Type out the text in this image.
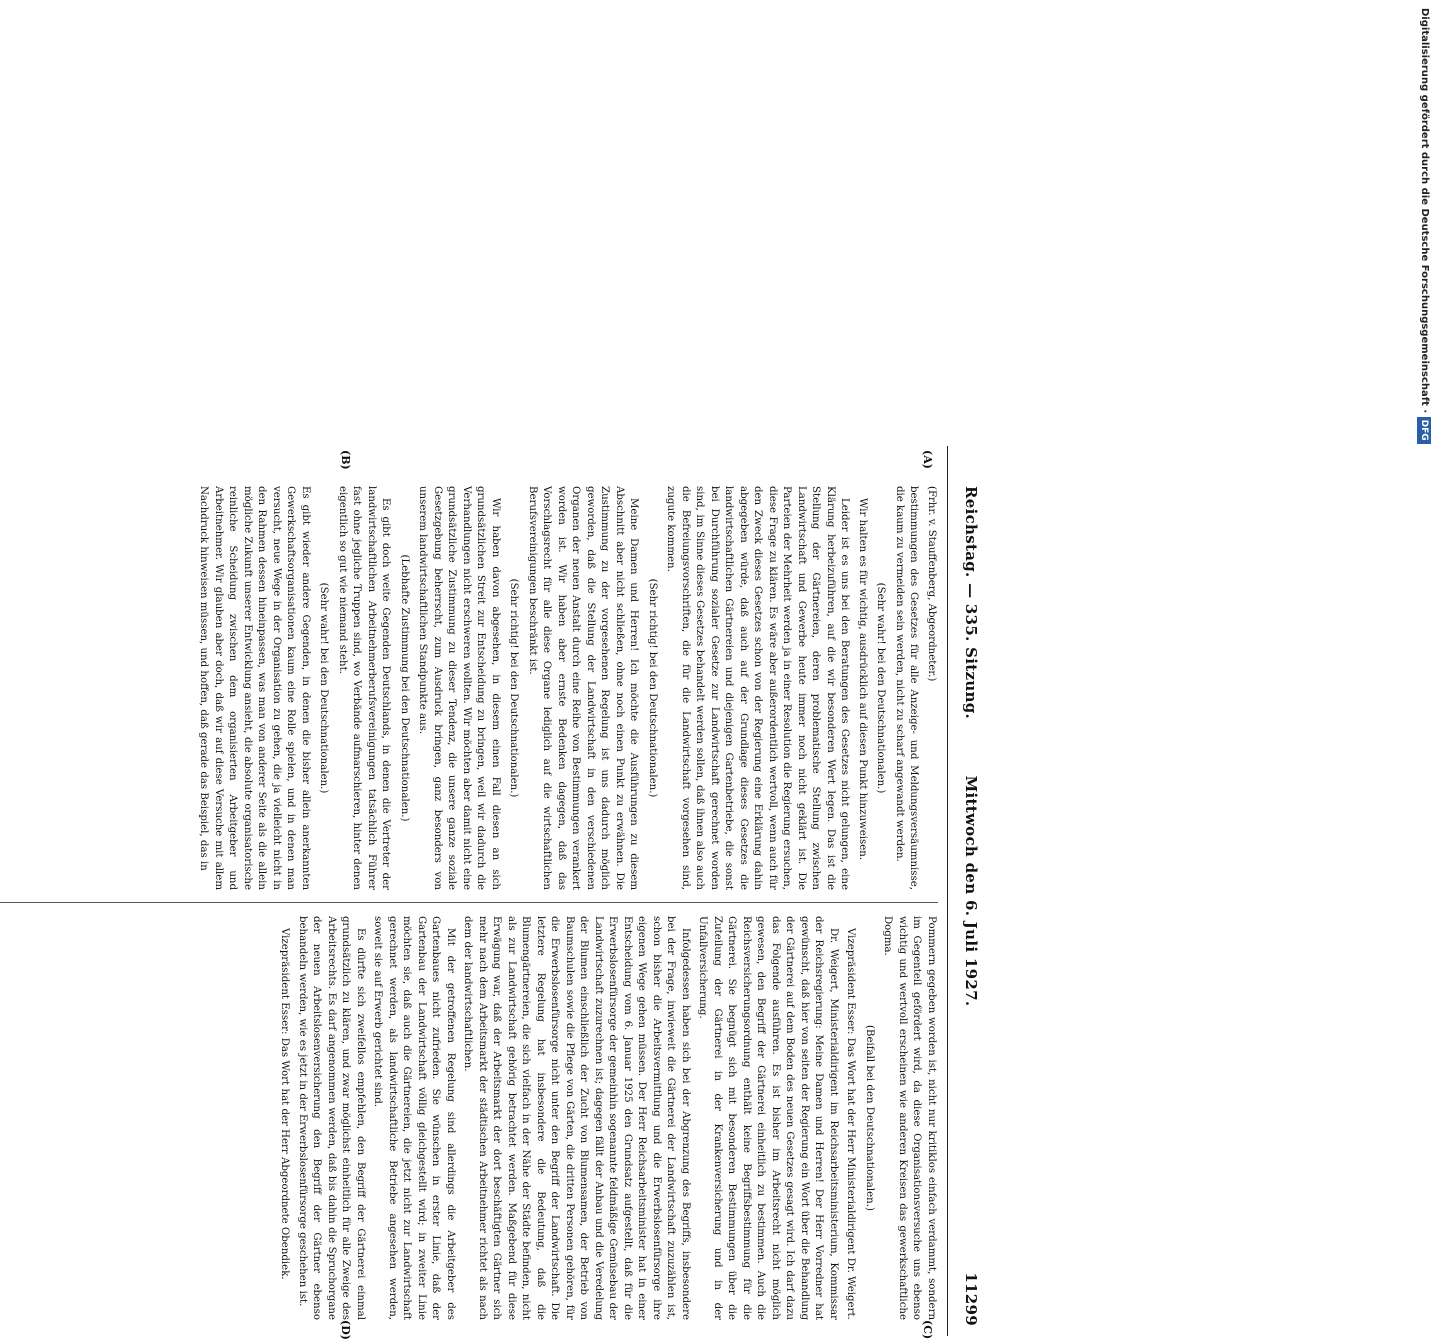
Reichstag. — 335. Sitzung.
Mittwoch den 6. Juli 1927.
11299
(A)
(B)
(C)
(D)

(Frhr. v. Stauffenberg, Abgeordneter.)

bestimmungen des Gesetzes für alle Anzeige- und Meldungsversäumnisse, die kaum zu vermeiden sein werden, nicht zu scharf angewandt werden.

(Sehr wahr! bei den Deutschnationalen.)

Wir halten es für wichtig, ausdrücklich auf diesen Punkt hinzuweisen.

Leider ist es uns bei den Beratungen des Gesetzes nicht gelungen, eine Klärung herbeizuführen, auf die wir besonderen Wert legen. Das ist die Stellung der Gärtnereien, deren problematische Stellung zwischen Landwirtschaft und Gewerbe heute immer noch nicht geklärt ist. Die Parteien der Mehrheit werden ja in einer Resolution die Regierung ersuchen, diese Frage zu klären. Es wäre aber außerordentlich wertvoll, wenn auch für den Zweck dieses Gesetzes schon von der Regierung eine Erklärung dahin abgegeben würde, daß auch auf der Grundlage dieses Gesetzes die landwirtschaftlichen Gärtnereien und diejenigen Gartenbetriebe, die sonst bei Durchführung sozialer Gesetze zur Landwirtschaft gerechnet worden sind, im Sinne dieses Gesetzes behandelt werden sollen, daß ihnen also auch die Befreiungsvorschriften, die für die Landwirtschaft vorgesehen sind, zugute kommen.

(Sehr richtig! bei den Deutschnationalen.)

Meine Damen und Herren! Ich möchte die Ausführungen zu diesem Abschnitt aber nicht schließen, ohne noch einen Punkt zu erwähnen. Die Zustimmung zu der vorgesehenen Regelung ist uns dadurch möglich geworden, daß die Stellung der Landwirtschaft in den verschiedenen Organen der neuen Anstalt durch eine Reihe von Bestimmungen verankert worden ist. Wir haben aber ernste Bedenken dagegen, daß das Vorschlagsrecht für alle diese Organe lediglich auf die wirtschaftlichen Berufsvereinigungen beschränkt ist.

(Sehr richtig! bei den Deutschnationalen.)

Wir haben davon abgesehen, in diesem einen Fall diesen an sich grundsätzlichen Streit zur Entscheidung zu bringen, weil wir dadurch die Verhandlungen nicht erschweren wollten. Wir möchten aber damit nicht eine grundsätzliche Zustimmung zu dieser Tendenz, die unsere ganze soziale Gesetzgebung beherrscht, zum Ausdruck bringen, ganz besonders von unserem landwirtschaftlichen Standpunkte aus.

(Lebhafte Zustimmung bei den Deutschnationalen.)

Es gibt doch weite Gegenden Deutschlands, in denen die Vertreter der landwirtschaftlichen Arbeitnehmerberufsvereinigungen tatsächlich Führer fast ohne jegliche Truppen sind, wo Verbände aufmarschieren, hinter denen eigentlich so gut wie niemand steht.

(Sehr wahr! bei den Deutschnationalen.)

Es gibt wieder andere Gegenden, in denen die bisher allein anerkannten Gewerkschaftsorganisationen kaum eine Rolle spielen, und in denen man versucht, neue Wege in der Organisation zu gehen, die ja vielleicht nicht in den Rahmen dessen hineinpassen, was man von anderer Seite als die allein mögliche Zukunft unserer Entwicklung ansieht, die absolute organisatorische reinliche Scheidung zwischen dem organisierten Arbeitgeber und Arbeitnehmer. Wir glauben aber doch, daß wir auf diese Versuche mit allem Nachdruck hinweisen müssen, und hoffen, daß gerade das Beispiel, das in

Pommern gegeben worden ist, nicht nur kritiklos einfach verdammt, sondern im Gegenteil gefördert wird, da diese Organisationsversuche uns ebenso wichtig und wertvoll erscheinen wie anderen Kreisen das gewerkschaftliche Dogma.

(Beifall bei den Deutschnationalen.)

Vizepräsident Esser: Das Wort hat der Herr Ministerialdirigent Dr. Weigert.

Dr. Weigert, Ministerialdirigent im Reichsarbeitsministerium, Kommissar der Reichsregierung: Meine Damen und Herren! Der Herr Vorredner hat gewünscht, daß hier von seiten der Regierung ein Wort über die Behandlung der Gärtnerei auf dem Boden des neuen Gesetzes gesagt wird. Ich darf dazu das Folgende ausführen. Es ist bisher im Arbeitsrecht nicht möglich gewesen, den Begriff der Gärtnerei einheitlich zu bestimmen. Auch die Reichsversicherungsordnung enthält keine Begriffsbestimmung für die Gärtnerei. Sie begnügt sich mit besonderen Bestimmungen über die Zuteilung der Gärtnerei in der Krankenversicherung und in der Unfallversicherung.

Infolgedessen haben sich bei der Abgrenzung des Begriffs, insbesondere bei der Frage, inwieweit die Gärtnerei der Landwirtschaft zuzuzählen ist, schon bisher die Arbeitsvermittlung und die Erwerbslosenfürsorge ihre eigenen Wege gehen müssen. Der Herr Reichsarbeitsminister hat in einer Entscheidung vom 6. Januar 1925 den Grundsatz aufgestellt, daß für die Erwerbslosenfürsorge der gemeinhin sogenannte feldmäßige Gemüsebau der Landwirtschaft zuzurechnen ist; dagegen fällt der Anbau und die Veredelung der Blumen einschließlich der Zucht von Blumensamen, der Betrieb von Baumschulen sowie die Pflege von Gärten, die dritten Personen gehören, für die Erwerbslosenfürsorge nicht unter den Begriff der Landwirtschaft. Die letztere Regelung hat insbesondere die Bedeutung, daß die Blumengärtnereien, die sich vielfach in der Nähe der Städte befinden, nicht als zur Landwirtschaft gehörig betrachtet werden. Maßgebend für diese Erwägung war, daß der Arbeitsmarkt der dort beschäftigten Gärtner sich mehr nach dem Arbeitsmarkt der städtischen Arbeitnehmer richtet als nach dem der landwirtschaftlichen.

Mit der getroffenen Regelung sind allerdings die Arbeitgeber des Gartenbaues nicht zufrieden. Sie wünschen in erster Linie, daß der Gartenbau der Landwirtschaft völlig gleichgestellt wird; in zweiter Linie möchten sie, daß auch die Gärtnereien, die jetzt nicht zur Landwirtschaft gerechnet werden, als landwirtschaftliche Betriebe angesehen werden, soweit sie auf Erwerb gerichtet sind.

Es dürfte sich zweifellos empfehlen, den Begriff der Gärtnerei einmal grundsätzlich zu klären, und zwar möglichst einheitlich für alle Zweige des Arbeitsrechts. Es darf angenommen werden, daß bis dahin die Spruchorgane der neuen Arbeitslosenversicherung den Begriff der Gärtner ebenso behandeln werden, wie es jetzt in der Erwerbslosenfürsorge geschehen ist.

Vizepräsident Esser: Das Wort hat der Herr Abgeordnete Obendiek.

Digitalisierung gefördert durch die Deutsche Forschungsgemeinschaft · DFG
